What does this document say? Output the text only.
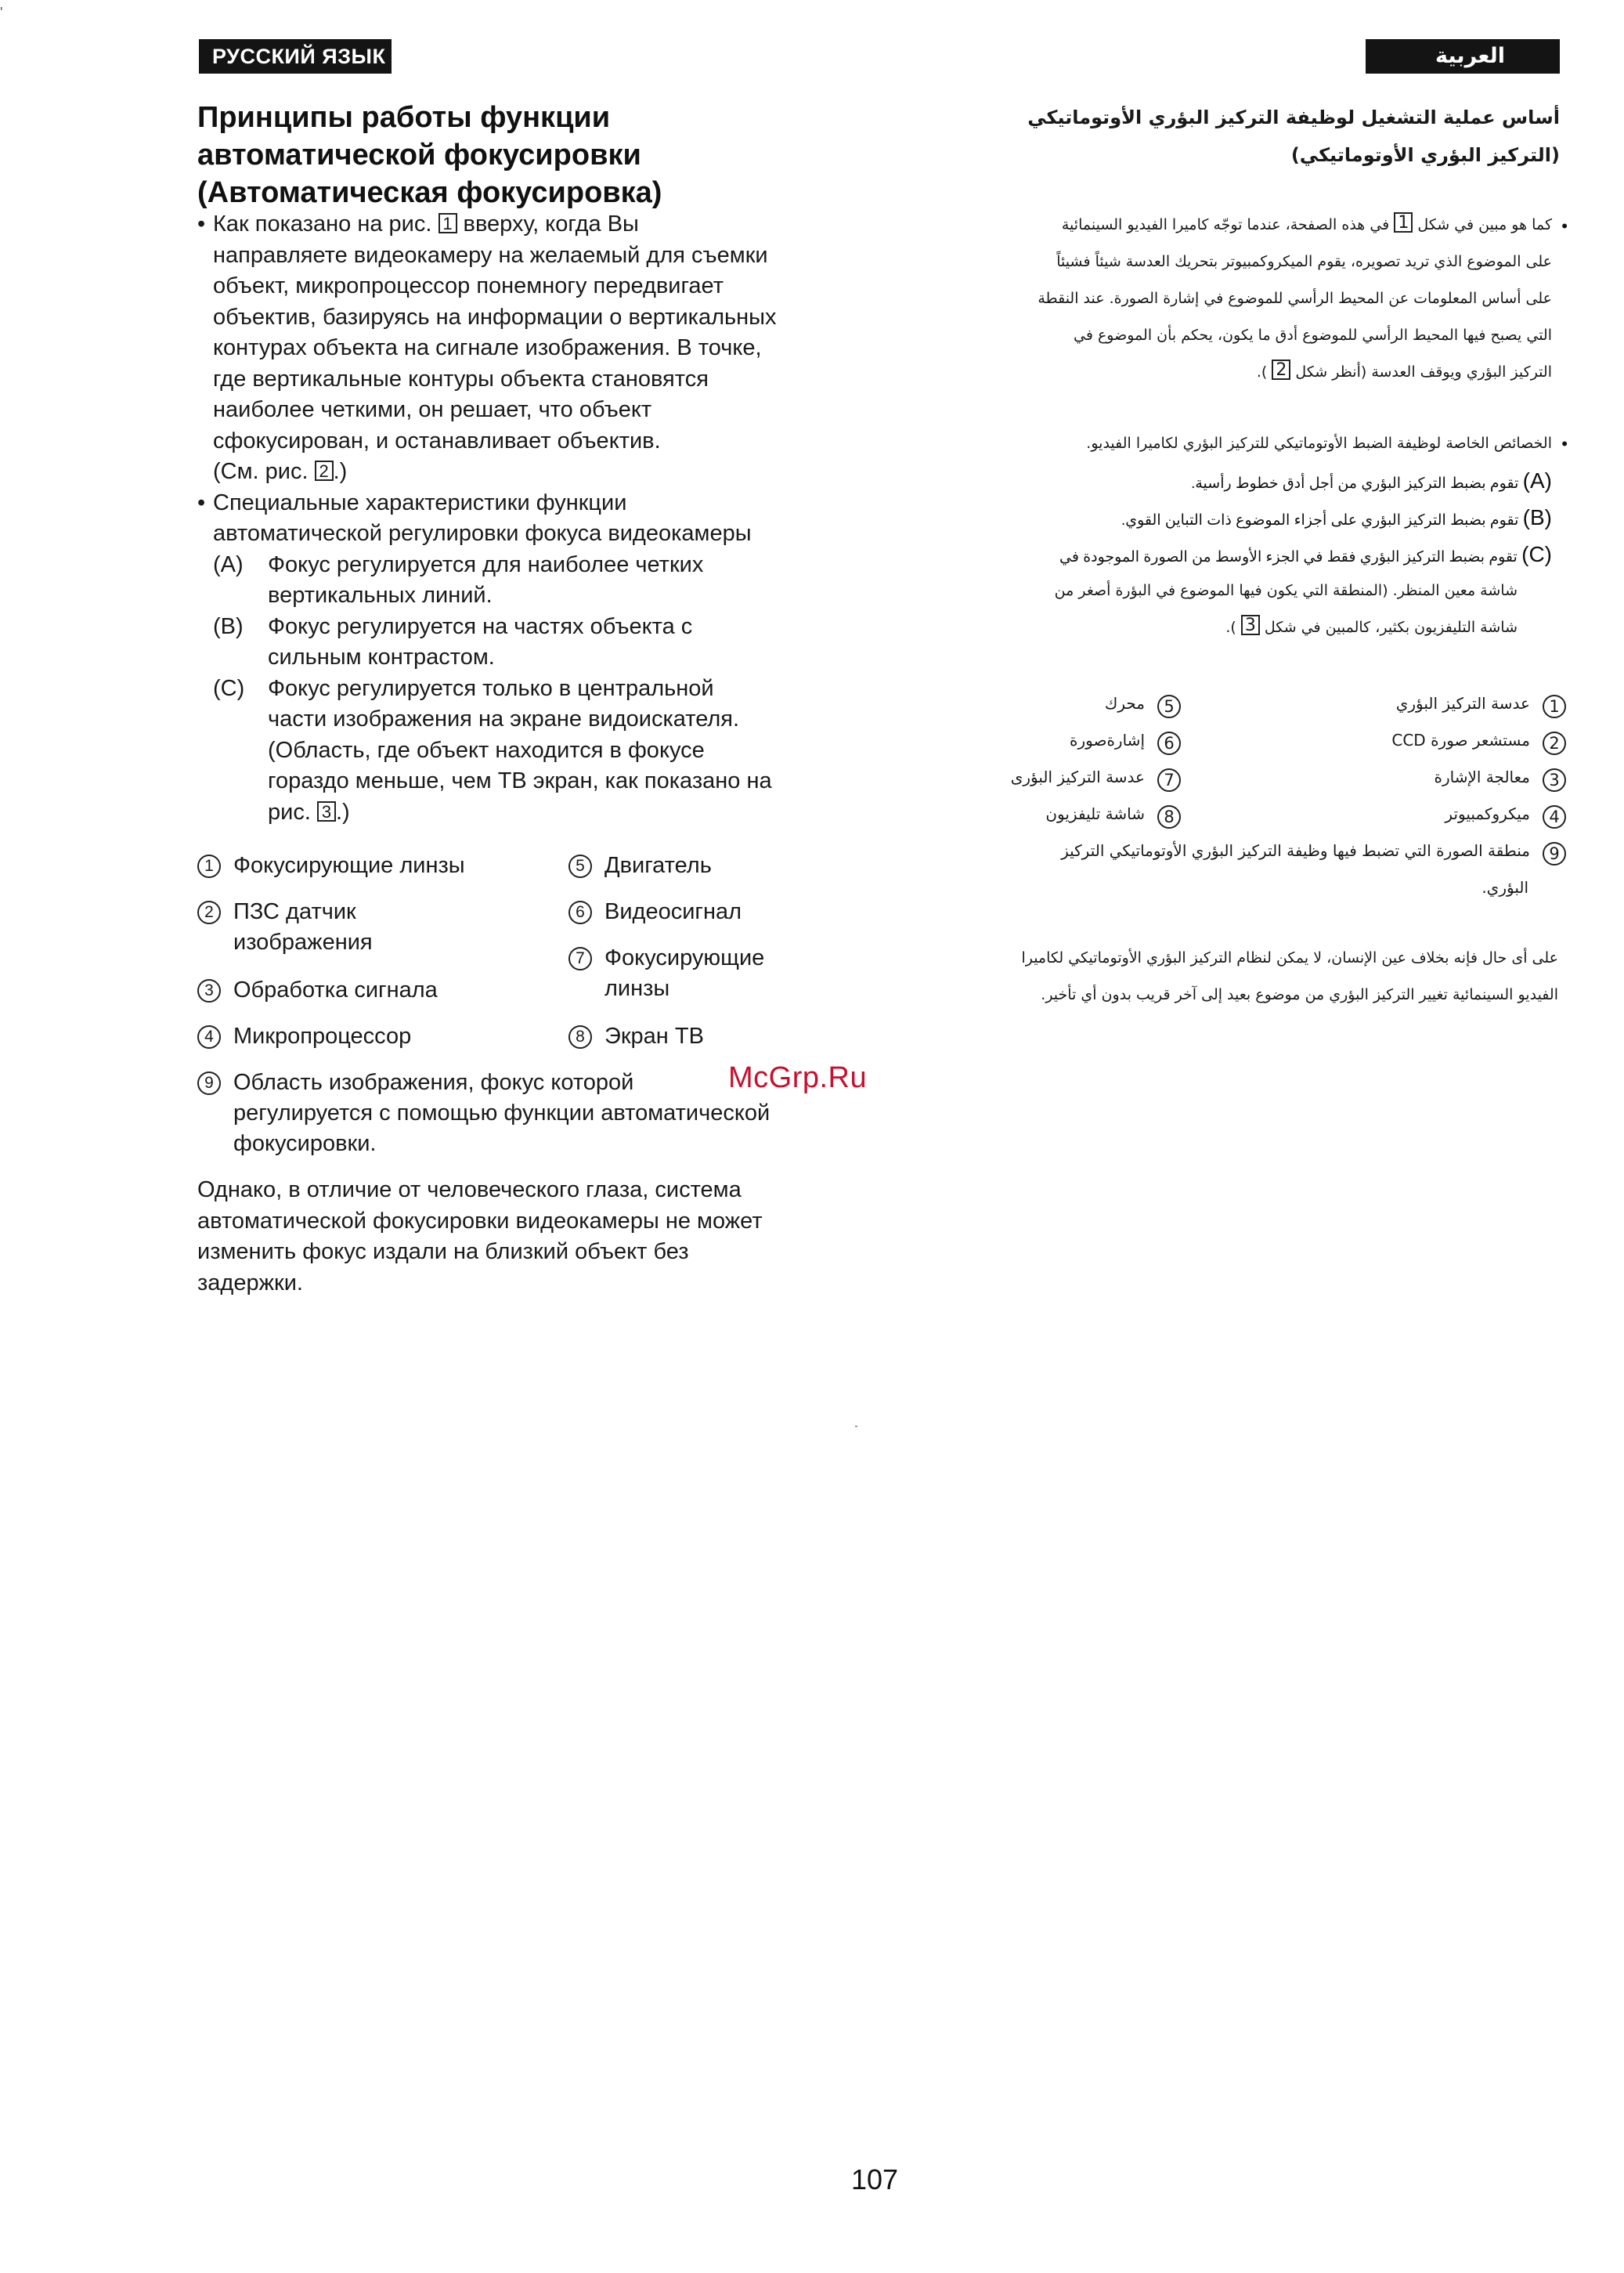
'
РУССКИЙ ЯЗЫК
Принципы работы функции
автоматической фокусировки
(Автоматическая фокусировка)
• Как показано на рис. 1 вверху, когда Вы

направляете видеокамеру на желаемый для съемки

объект, микропроцессор понемногу передвигает

объектив, базируясь на информации о вертикальных

контурах объекта на сигнале изображения. В точке,

где вертикальные контуры объекта становятся

наиболее четкими, он решает, что объект

сфокусирован, и останавливает объектив.

(См. рис. 2 .)

• Специальные характеристики функции

автоматической регулировки фокуса видеокамеры

(A) Фокус регулируется для наиболее четких

вертикальных линий.

(B) Фокус регулируется на частях объекта с

сильным контрастом.

(C) Фокус регулируется только в центральной

части изображения на экране видоискателя.

(Область, где объект находится в фокусе

гораздо меньше, чем ТВ экран, как показано на

рис. 3 .)

1 Фокусирующие линзы
2 ПЗС датчик
изображения
3 Обработка сигнала
4 Микропроцессор
5 Двигатель
6 Видеосигнал
7 Фокусирующие
линзы
8 Экран ТВ
9 Область изображения, фокус которой
регулируется с помощью функции автоматической
фокусировки.

Однако, в отличие от человеческого глаза, система

автоматической фокусировки видеокамеры не может

изменить фокус издали на близкий объект без

задержки.

العربية
أساس عملية التشغيل لوظيفة التركيز البؤري الأوتوماتيكي
(التركيز البؤري الأوتوماتيكي)
•
كما هو مبين في شكل 1 في هذه الصفحة، عندما توجّه كاميرا الفيديو السينمائية
على الموضوع الذي تريد تصويره، يقوم الميكروكمبيوتر بتحريك العدسة شيئاً فشيئاً
على أساس المعلومات عن المحيط الرأسي للموضوع في إشارة الصورة. عند النقطة
التي يصبح فيها المحيط الرأسي للموضوع أدق ما يكون، يحكم بأن الموضوع في
التركيز البؤري ويوقف العدسة (أنظر شكل 2 ).
•
الخصائص الخاصة لوظيفة الضبط الأوتوماتيكي للتركيز البؤري لكاميرا الفيديو.
(A) تقوم بضبط التركيز البؤري من أجل أدق خطوط رأسية.
(B) تقوم بضبط التركيز البؤري على أجزاء الموضوع ذات التباين القوي.
(C) تقوم بضبط التركيز البؤري فقط في الجزء الأوسط من الصورة الموجودة في
شاشة معين المنظر. (المنطقة التي يكون فيها الموضوع في البؤرة أصغر من
شاشة التليفزيون بكثير، كالمبين في شكل 3 ).
1عدسة التركيز البؤري
2مستشعر صورة CCD
3معالجة الإشارة
4ميكروكمبيوتر
5محرك
6إشارةصورة
7عدسة التركيز البؤرى
8شاشة تليفزيون
9منطقة الصورة التي تضبط فيها وظيفة التركيز البؤري الأوتوماتيكي التركيز
البؤري.
على أى حال فإنه بخلاف عين الإنسان، لا يمكن لنظام التركيز البؤري الأوتوماتيكي لكاميرا
الفيديو السينمائية تغيير التركيز البؤري من موضوع بعيد إلى آخر قريب بدون أي تأخير.
McGrp.Ru
107
